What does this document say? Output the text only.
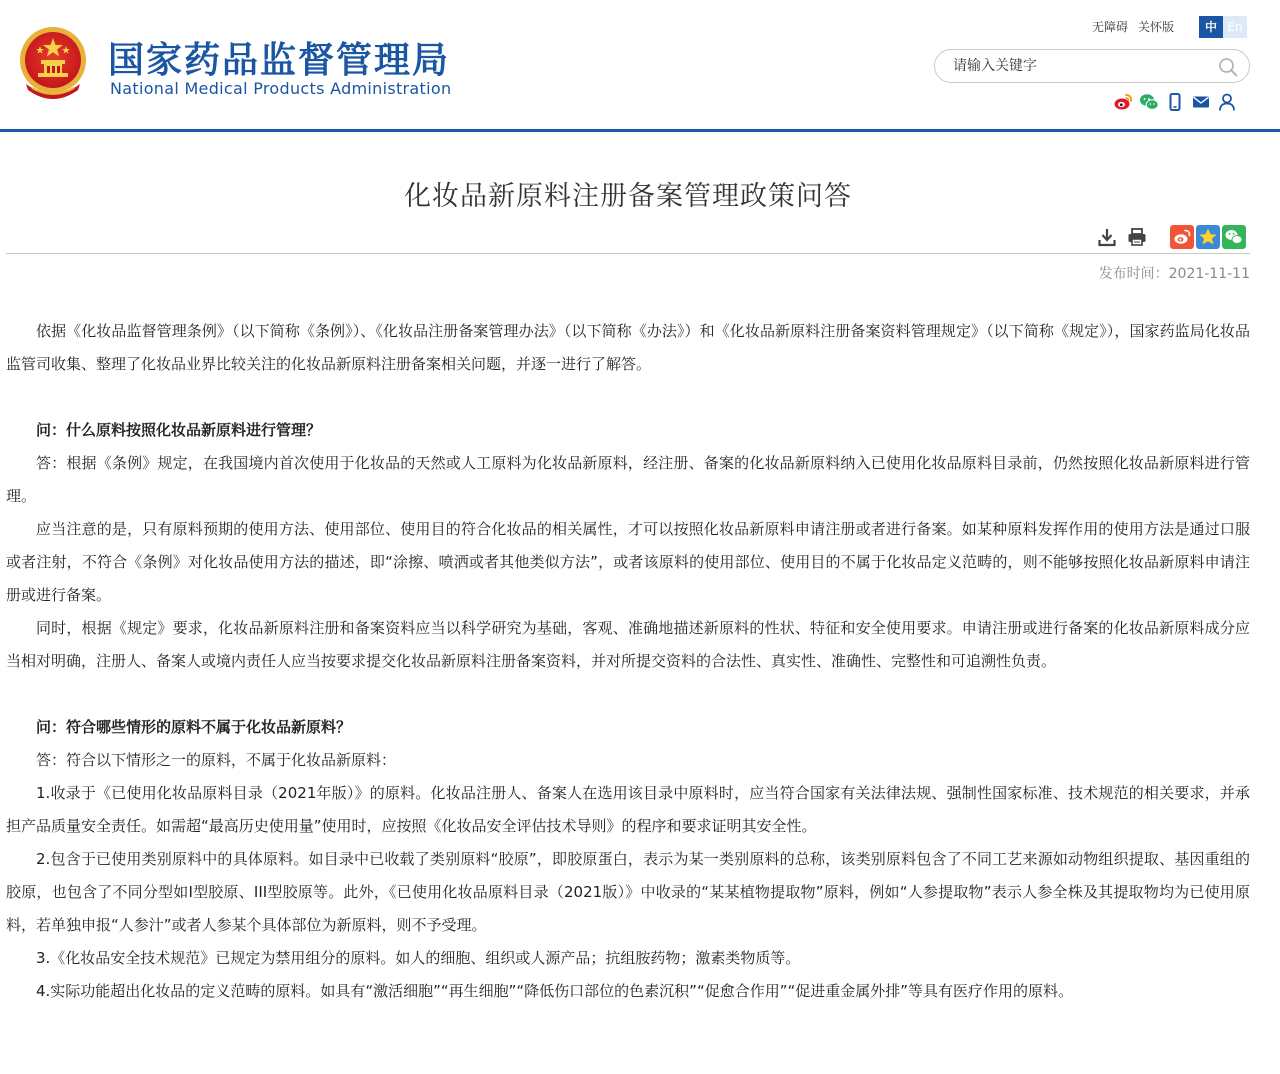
国家药品监督管理局
National Medical Products Administration
无障碍 关怀版	中 En
请输入关键字
化妆品新原料注册备案管理政策问答
发布时间：2021-11-11

依据《化妆品监督管理条例》（以下简称《条例》）、《化妆品注册备案管理办法》（以下简称《办法》）和《化妆品新原料注册备案资料管理规定》（以下简称《规定》），国家药监局化妆品监管司收集、整理了化妆品业界比较关注的化妆品新原料注册备案相关问题，并逐一进行了解答。

问：什么原料按照化妆品新原料进行管理？

答：根据《条例》规定，在我国境内首次使用于化妆品的天然或人工原料为化妆品新原料，经注册、备案的化妆品新原料纳入已使用化妆品原料目录前，仍然按照化妆品新原料进行管理。

应当注意的是，只有原料预期的使用方法、使用部位、使用目的符合化妆品的相关属性，才可以按照化妆品新原料申请注册或者进行备案。如某种原料发挥作用的使用方法是通过口服或者注射，不符合《条例》对化妆品使用方法的描述，即“涂擦、喷洒或者其他类似方法”，或者该原料的使用部位、使用目的不属于化妆品定义范畴的，则不能够按照化妆品新原料申请注册或进行备案。

同时，根据《规定》要求，化妆品新原料注册和备案资料应当以科学研究为基础，客观、准确地描述新原料的性状、特征和安全使用要求。申请注册或进行备案的化妆品新原料成分应当相对明确，注册人、备案人或境内责任人应当按要求提交化妆品新原料注册备案资料，并对所提交资料的合法性、真实性、准确性、完整性和可追溯性负责。

问：符合哪些情形的原料不属于化妆品新原料？

答：符合以下情形之一的原料，不属于化妆品新原料：

1.收录于《已使用化妆品原料目录（2021年版）》的原料。化妆品注册人、备案人在选用该目录中原料时，应当符合国家有关法律法规、强制性国家标准、技术规范的相关要求，并承担产品质量安全责任。如需超“最高历史使用量”使用时，应按照《化妆品安全评估技术导则》的程序和要求证明其安全性。

2.包含于已使用类别原料中的具体原料。如目录中已收载了类别原料“胶原”，即胶原蛋白，表示为某一类别原料的总称，该类别原料包含了不同工艺来源如动物组织提取、基因重组的胶原，也包含了不同分型如I型胶原、III型胶原等。此外，《已使用化妆品原料目录（2021版）》中收录的“某某植物提取物”原料，例如“人参提取物”表示人参全株及其提取物均为已使用原料，若单独申报“人参汁”或者人参某个具体部位为新原料，则不予受理。

3.《化妆品安全技术规范》已规定为禁用组分的原料。如人的细胞、组织或人源产品；抗组胺药物；激素类物质等。

4.实际功能超出化妆品的定义范畴的原料。如具有“激活细胞”“再生细胞”“降低伤口部位的色素沉积”“促愈合作用”“促进重金属外排”等具有医疗作用的原料。
